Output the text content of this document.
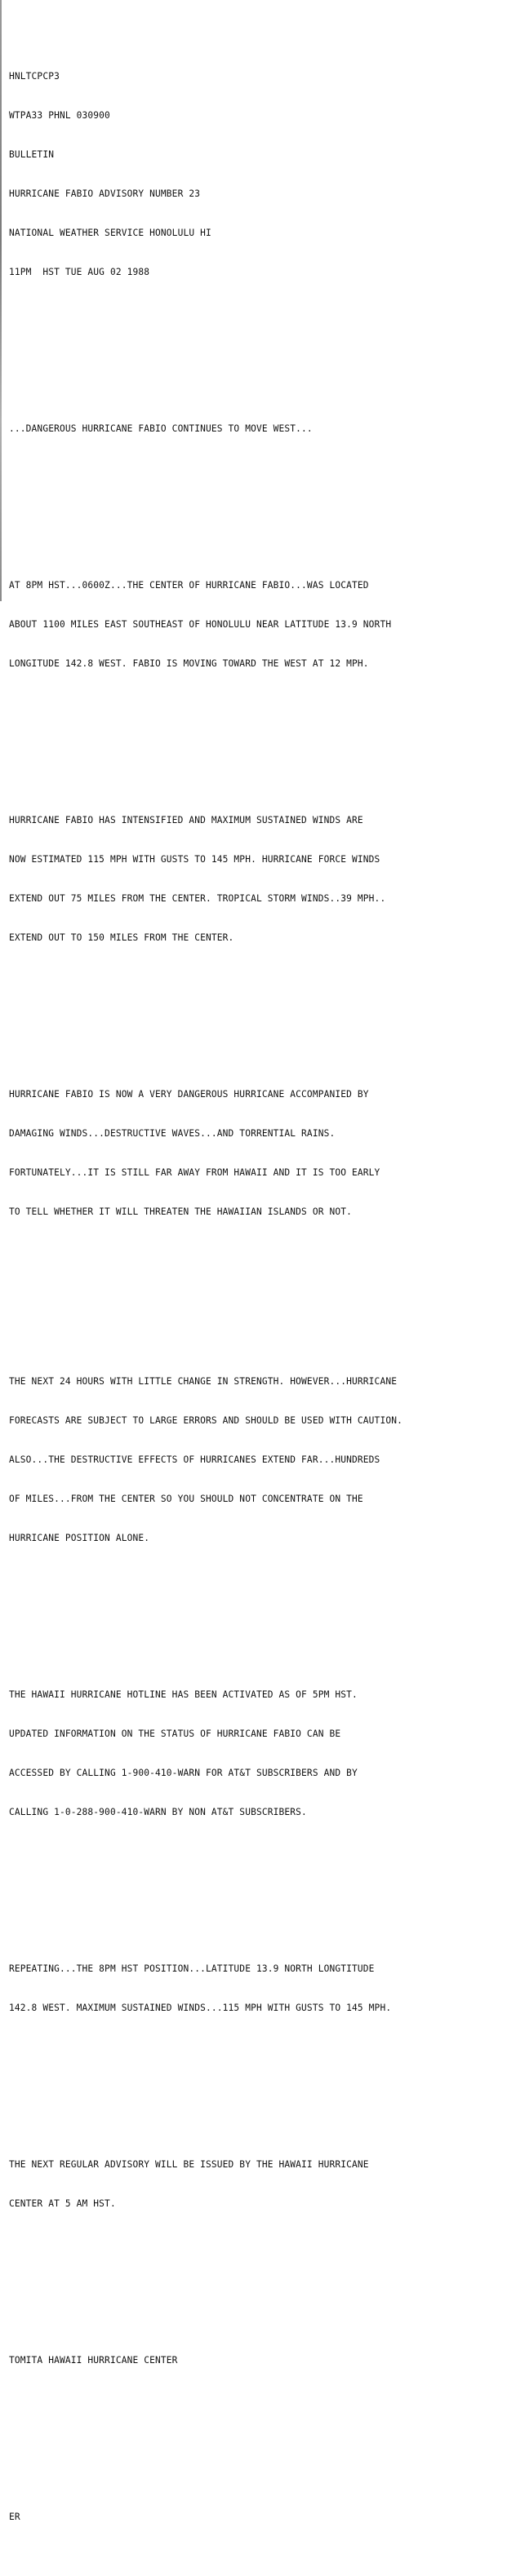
HNLTCPCP3

WTPA33 PHNL 030900

BULLETIN

HURRICANE FABIO ADVISORY NUMBER 23

NATIONAL WEATHER SERVICE HONOLULU HI

11PM  HST TUE AUG 02 1988

...DANGEROUS HURRICANE FABIO CONTINUES TO MOVE WEST...

AT 8PM HST...0600Z...THE CENTER OF HURRICANE FABIO...WAS LOCATED

ABOUT 1100 MILES EAST SOUTHEAST OF HONOLULU NEAR LATITUDE 13.9 NORTH

LONGITUDE 142.8 WEST. FABIO IS MOVING TOWARD THE WEST AT 12 MPH.

HURRICANE FABIO HAS INTENSIFIED AND MAXIMUM SUSTAINED WINDS ARE

NOW ESTIMATED 115 MPH WITH GUSTS TO 145 MPH. HURRICANE FORCE WINDS

EXTEND OUT 75 MILES FROM THE CENTER. TROPICAL STORM WINDS..39 MPH..

EXTEND OUT TO 150 MILES FROM THE CENTER.

HURRICANE FABIO IS NOW A VERY DANGEROUS HURRICANE ACCOMPANIED BY

DAMAGING WINDS...DESTRUCTIVE WAVES...AND TORRENTIAL RAINS.

FORTUNATELY...IT IS STILL FAR AWAY FROM HAWAII AND IT IS TOO EARLY

TO TELL WHETHER IT WILL THREATEN THE HAWAIIAN ISLANDS OR NOT.

THE NEXT 24 HOURS WITH LITTLE CHANGE IN STRENGTH. HOWEVER...HURRICANE

FORECASTS ARE SUBJECT TO LARGE ERRORS AND SHOULD BE USED WITH CAUTION.

ALSO...THE DESTRUCTIVE EFFECTS OF HURRICANES EXTEND FAR...HUNDREDS

OF MILES...FROM THE CENTER SO YOU SHOULD NOT CONCENTRATE ON THE

HURRICANE POSITION ALONE.

THE HAWAII HURRICANE HOTLINE HAS BEEN ACTIVATED AS OF 5PM HST.

UPDATED INFORMATION ON THE STATUS OF HURRICANE FABIO CAN BE

ACCESSED BY CALLING 1-900-410-WARN FOR AT&T SUBSCRIBERS AND BY

CALLING 1-0-288-900-410-WARN BY NON AT&T SUBSCRIBERS.

REPEATING...THE 8PM HST POSITION...LATITUDE 13.9 NORTH LONGTITUDE

142.8 WEST. MAXIMUM SUSTAINED WINDS...115 MPH WITH GUSTS TO 145 MPH.

THE NEXT REGULAR ADVISORY WILL BE ISSUED BY THE HAWAII HURRICANE

CENTER AT 5 AM HST.

TOMITA HAWAII HURRICANE CENTER

ER
